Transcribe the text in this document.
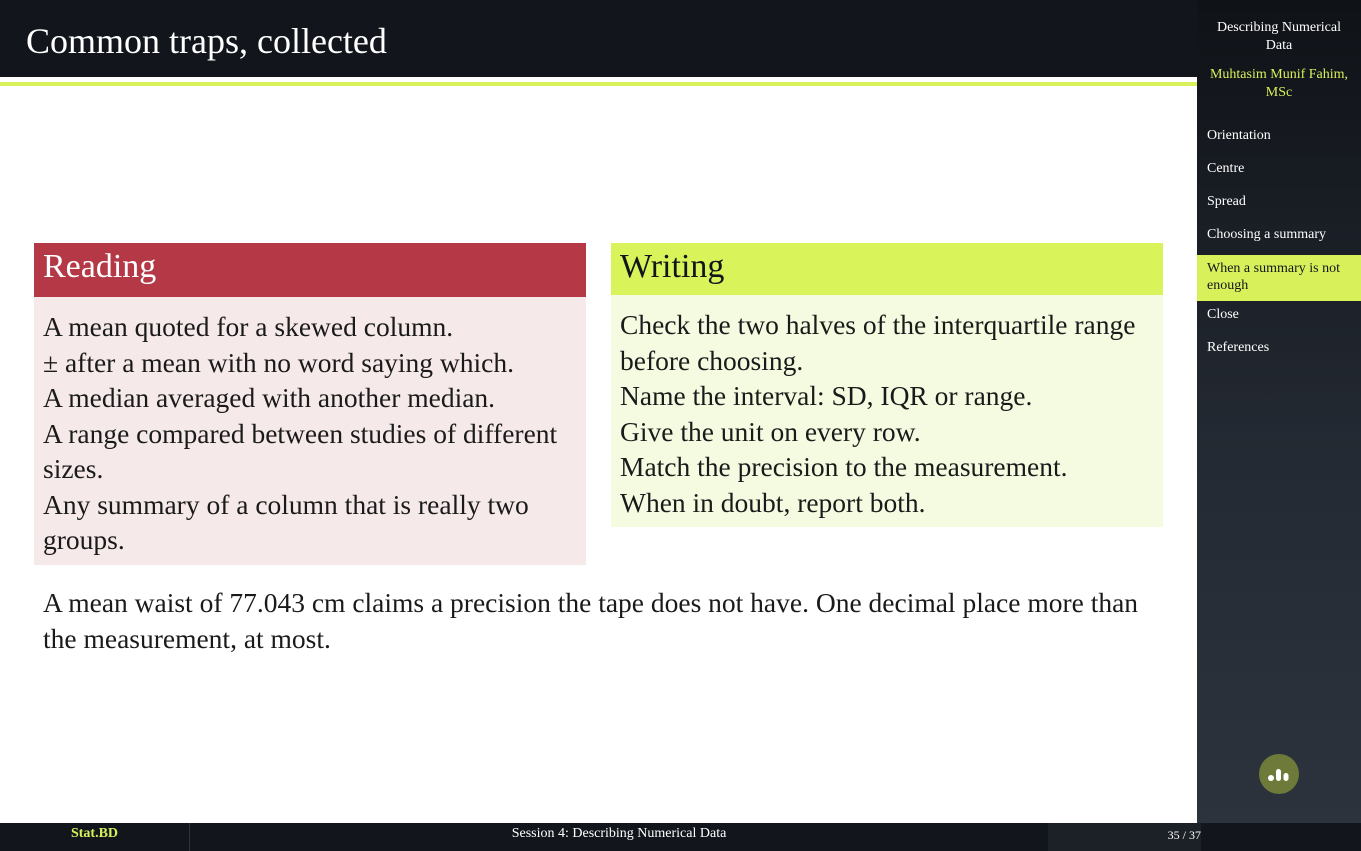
Common traps, collected
Reading
A mean quoted for a skewed column.
± after a mean with no word saying which.
A median averaged with another median.
A range compared between studies of different sizes.
Any summary of a column that is really two groups.
Writing
Check the two halves of the interquartile range before choosing.
Name the interval: SD, IQR or range.
Give the unit on every row.
Match the precision to the measurement.
When in doubt, report both.
A mean waist of 77.043 cm claims a precision the tape does not have. One decimal place more than the measurement, at most.
Describing Numerical Data
Muhtasim Munif Fahim, MSc
Orientation
Centre
Spread
Choosing a summary
When a summary is not enough
Close
References
Stat.BD	Session 4: Describing Numerical Data	35 / 37
